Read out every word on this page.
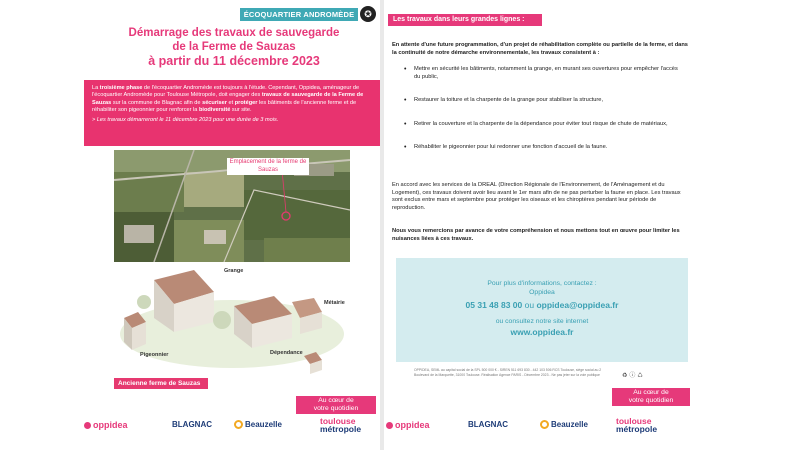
ÉCOQUARTIER ANDROMÈDE	✪
Démarrage des travaux de sauvegarde
de la Ferme de Sauzas
à partir du 11 décembre 2023

La troisième phase de l'écoquartier Andromède est toujours à l'étude. Cependant, Oppidea, aménageur de l'écoquartier Andromède pour Toulouse Métropole, doit engager des travaux de sauvegarde de la Ferme de Sauzas sur la commune de Blagnac afin de sécuriser et protéger les bâtiments de l'ancienne ferme et de réhabiliter son pigeonnier pour renforcer la biodiversité sur site.

> Les travaux démarreront le 11 décembre 2023 pour une durée de 3 mois.
Emplacement de la ferme de Sauzas
Grange
Métairie
Pigeonnier	Dépendance
Ancienne ferme de Sauzas
Au cœur de
votre quotidien
oppidea	BLAGNAC	Beauzelle	toulouse
métropole
Les travaux dans leurs grandes lignes :
En attente d'une future programmation, d'un projet de réhabilitation complète ou partielle de la ferme, et dans la continuité de notre démarche environnementale, les travaux consistent à :
• Mettre en sécurité les bâtiments, notamment la grange, en murant ses ouvertures pour empêcher l'accès du public,
• Restaurer la toiture et la charpente de la grange pour stabiliser la structure,
• Retirer la couverture et la charpente de la dépendance pour éviter tout risque de chute de matériaux,
• Réhabiliter le pigeonnier pour lui redonner une fonction d'accueil de la faune.
En accord avec les services de la DREAL (Direction Régionale de l'Environnement, de l'Aménagement et du Logement), ces travaux doivent avoir lieu avant le 1er mars afin de ne pas perturber la faune en place. Les travaux sont exclus entre mars et septembre pour protéger les oiseaux et les chiroptères pendant leur période de reproduction.
Nous vous remercions par avance de votre compréhension et nous mettons tout en œuvre pour limiter les nuisances liées à ces travaux.
Pour plus d'informations, contactez :
Oppidea
05 31 48 83 00 ou oppidea@oppidea.fr
ou consultez notre site internet
www.oppidea.fr
OPPIDEA, SEML au capital social de la SPL 500 000 € - SIREN 511 693 830 - 442 103 506 RCS Toulouse, siège social au 2 Boulevard de la Marquette, 31000 Toulouse. Réalisation Agence PARIS - Décembre 2023 - Ne pas jeter sur la voie publique	♻ⓘ♺
Au cœur de
votre quotidien
oppidea	BLAGNAC	Beauzelle	toulouse
métropole
